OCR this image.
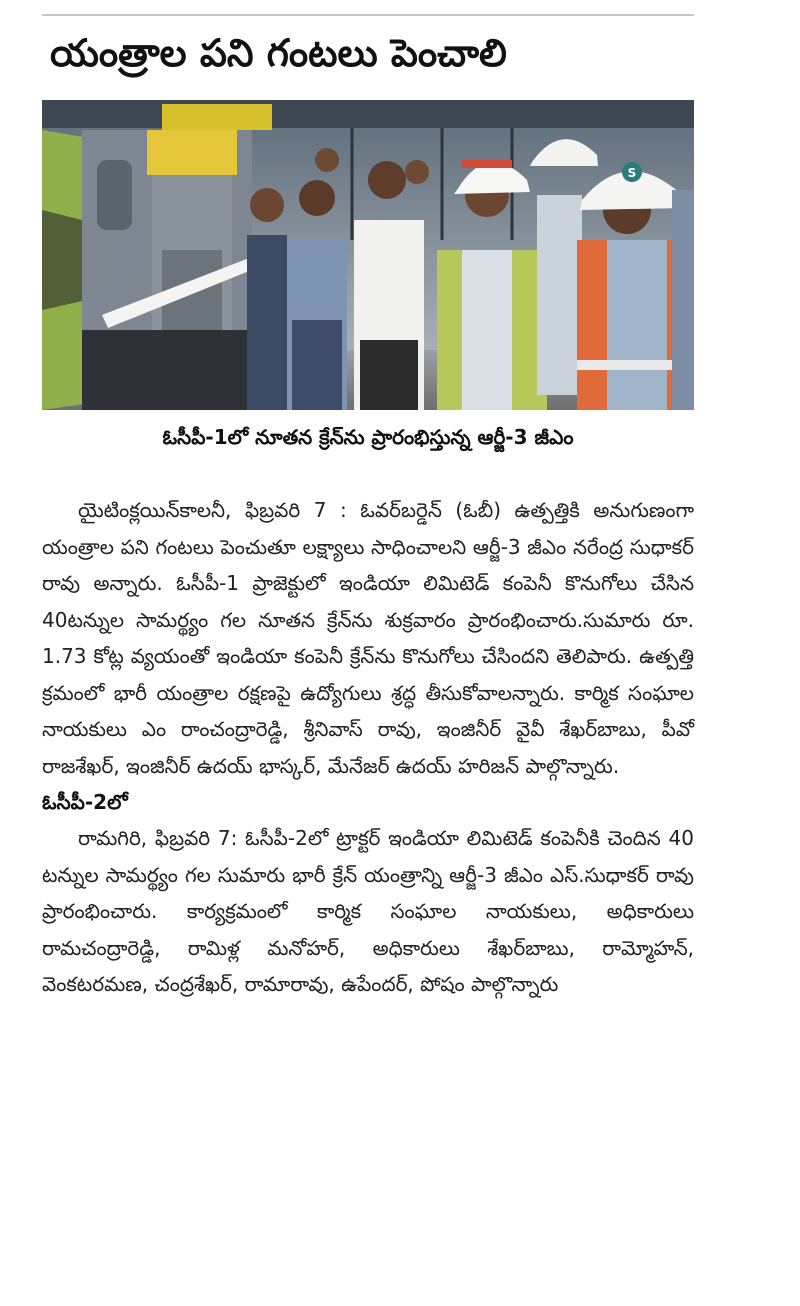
యంత్రాల పని గంటలు పెంచాలి
S
ఓసీపీ-1లో నూతన క్రేన్‌ను ప్రారంభిస్తున్న ఆర్జీ-3 జీఎం

యైటింక్లయిన్‌కాలనీ, ఫిబ్రవరి 7 : ఓవర్‌బర్డెన్ (ఓబీ) ఉత్పత్తికి అనుగుణంగా యంత్రాల పని గంటలు పెంచుతూ లక్ష్యాలు సాధించాలని ఆర్జీ-3 జీఎం నరేంద్ర సుధాకర్ రావు అన్నారు. ఓసీపీ-1 ప్రాజెక్టులో ఇండియా లిమిటెడ్ కంపెనీ కొనుగోలు చేసిన 40టన్నుల సామర్థ్యం గల నూతన క్రేన్‌ను శుక్రవారం ప్రారంభించారు.సుమారు రూ. 1.73 కోట్ల వ్యయంతో ఇండియా కంపెనీ క్రేన్‌ను కొనుగోలు చేసిందని తెలిపారు. ఉత్పత్తి క్రమంలో భారీ యంత్రాల రక్షణపై ఉద్యోగులు శ్రద్ధ తీసుకోవాలన్నారు. కార్మిక సంఘాల నాయకులు ఎం రాంచంద్రారెడ్డి, శ్రీనివాస్ రావు, ఇంజినీర్ వైవీ శేఖర్‌బాబు, పీవో రాజశేఖర్, ఇంజినీర్ ఉదయ్ భాస్కర్, మేనేజర్ ఉదయ్ హరిజన్ పాల్గొన్నారు.

ఓసీపీ-2లో

రామగిరి, ఫిబ్రవరి 7: ఓసీపీ-2లో ట్రాక్టర్ ఇండియా లిమిటెడ్ కంపెనీకి చెందిన 40 టన్నుల సామర్థ్యం గల సుమారు భారీ క్రేన్ యంత్రాన్ని ఆర్జీ-3 జీఎం ఎస్.సుధాకర్ రావు ప్రారంభించారు. కార్యక్రమంలో కార్మిక సంఘాల నాయకులు, అధికారులు రామచంద్రారెడ్డి, రామిళ్ల మనోహర్, అధికారులు శేఖర్‌బాబు, రామ్మోహన్, వెంకటరమణ, చంద్రశేఖర్, రామారావు, ఉపేందర్, పోషం పాల్గొన్నారు
